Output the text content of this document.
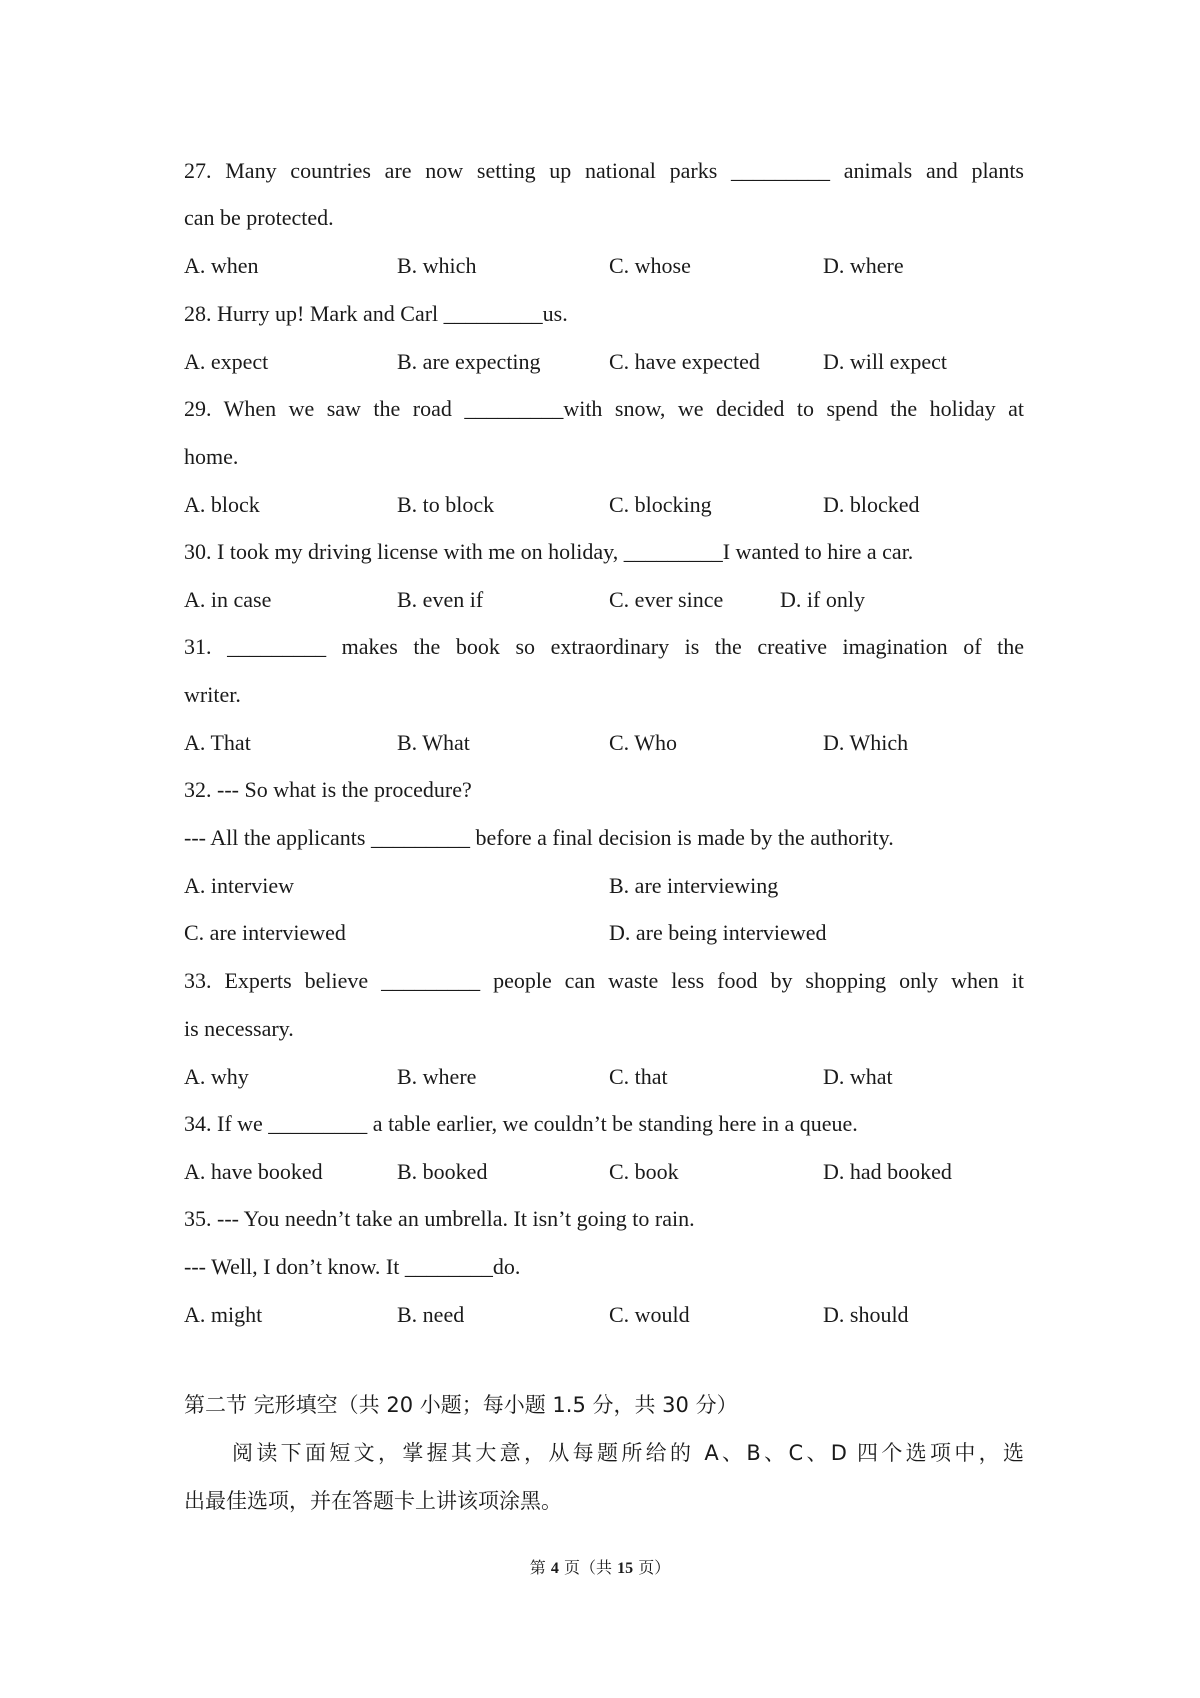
27. Many countries are now setting up national parks _________ animals and plants
can be protected.
A. when	B. which	C. whose	D. where
28. Hurry up! Mark and Carl _________us.
A. expect	B. are expecting	C. have expected	D. will expect
29. When we saw the road _________with snow, we decided to spend the holiday at
home.
A. block	B. to block	C. blocking	D. blocked
30. I took my driving license with me on holiday, _________I wanted to hire a car.
A. in case	B. even if	C. ever since	D. if only
31. _________ makes the book so extraordinary is the creative imagination of the
writer.
A. That	B. What	C. Who	D. Which
32. --- So what is the procedure?
--- All the applicants _________ before a final decision is made by the authority.
A. interview	B. are interviewing
C. are interviewed	D. are being interviewed
33. Experts believe _________ people can waste less food by shopping only when it
is necessary.
A. why	B. where	C. that	D. what
34. If we _________ a table earlier, we couldn’t be standing here in a queue.
A. have booked	B. booked	C. book	D. had booked
35. --- You needn’t take an umbrella. It isn’t going to rain.
--- Well, I don’t know. It ________do.
A. might	B. need	C. would	D. should
第二节 完形填空（共 20 小题；每小题 1.5 分，共 30 分）
阅读下面短文，掌握其大意，从每题所给的 A、B、C、D 四个选项中，选
出最佳选项，并在答题卡上讲该项涂黑。
第 4 页（共 15 页）
